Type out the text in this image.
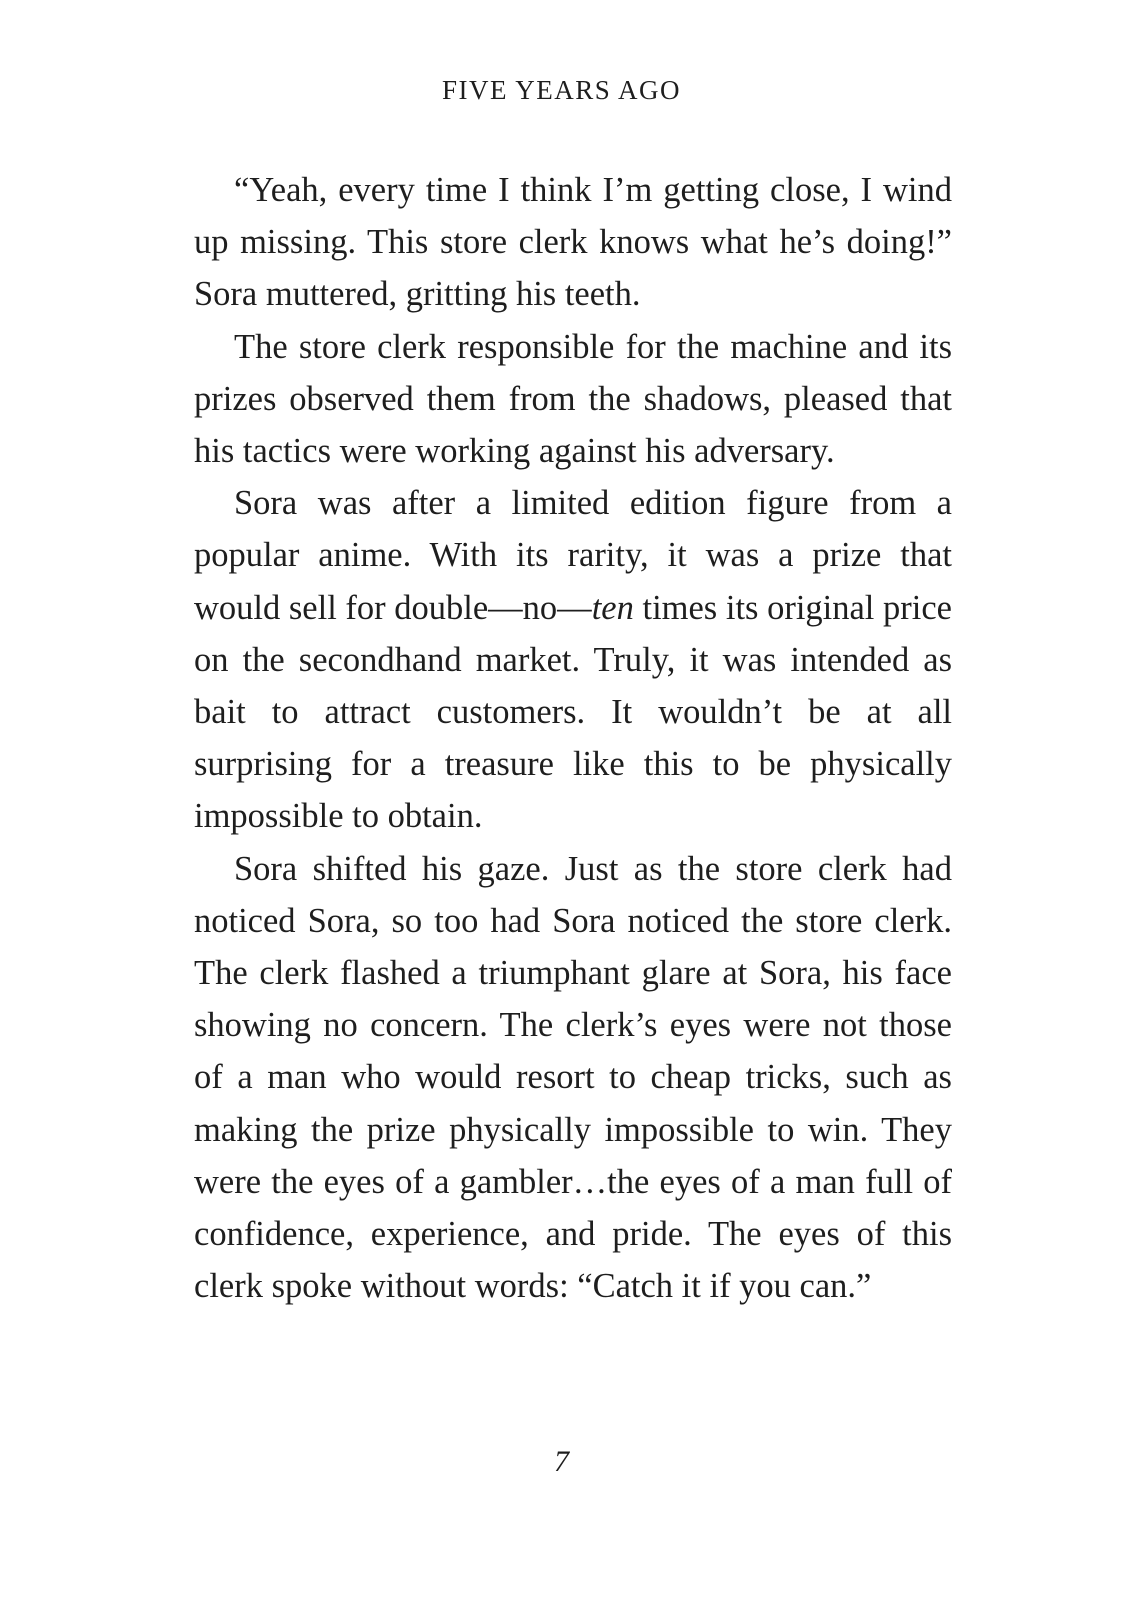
FIVE YEARS AGO

“Yeah, every time I think I’m getting close, I wind up missing. This store clerk knows what he’s doing!” Sora muttered, gritting his teeth.

The store clerk responsible for the machine and its prizes observed them from the shadows, pleased that his tactics were working against his adversary.

Sora was after a limited edition figure from a popular anime. With its rarity, it was a prize that would sell for double—no—ten times its original price on the secondhand market. Truly, it was intended as bait to attract customers. It wouldn’t be at all surprising for a treasure like this to be physically impossible to obtain.

Sora shifted his gaze. Just as the store clerk had noticed Sora, so too had Sora noticed the store clerk. The clerk flashed a triumphant glare at Sora, his face showing no concern. The clerk’s eyes were not those of a man who would resort to cheap tricks, such as making the prize physically impossible to win. They were the eyes of a gambler…the eyes of a man full of confidence, experience, and pride. The eyes of this clerk spoke without words: “Catch it if you can.”

7
